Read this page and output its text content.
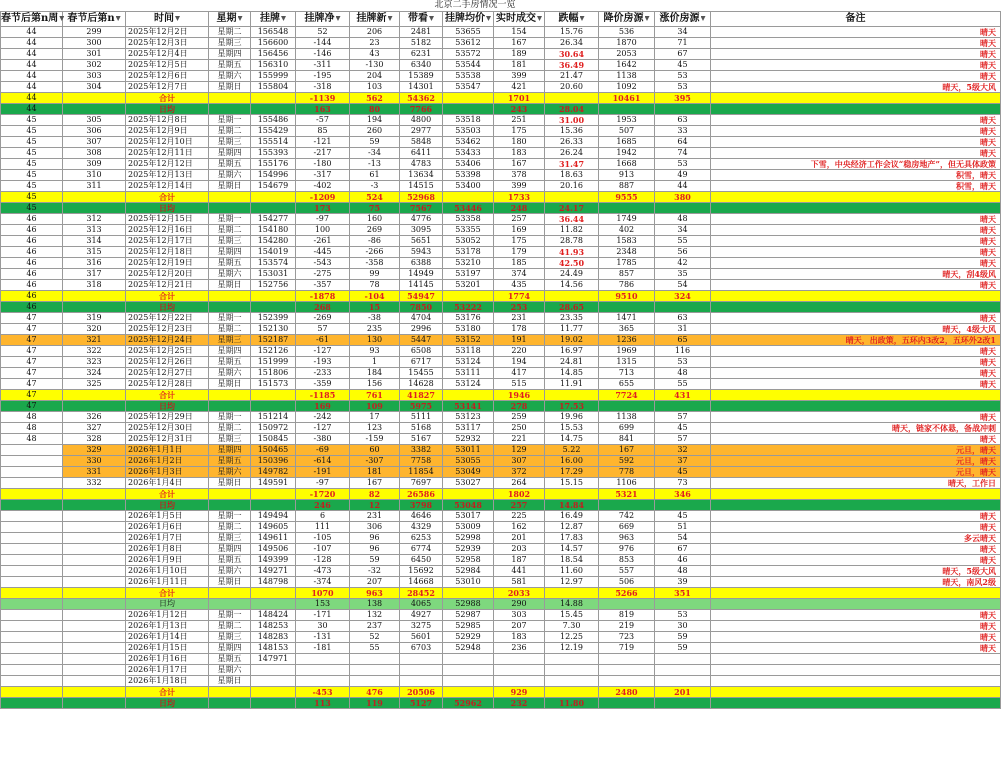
北京二手房情况一览
春节后第n周	春节后第n	时间	星期	挂牌	挂牌净	挂牌新	带看	挂牌均价	实时成交	跌幅	降价房源	涨价房源	备注
44	299	2025年12月2日	星期二	156548	52	206	2481	53655	154	15.76	536	34	晴天
44	300	2025年12月3日	星期三	156600	-144	23	5182	53612	167	26.34	1870	71	晴天
44	301	2025年12月4日	星期四	156456	-146	43	6231	53572	189	30.64	2053	67	晴天
44	302	2025年12月5日	星期五	156310	-311	-130	6340	53544	181	36.49	1642	45	晴天
44	303	2025年12月6日	星期六	155999	-195	204	15389	53538	399	21.47	1138	53	晴天
44	304	2025年12月7日	星期日	155804	-318	103	14301	53547	421	20.60	1092	53	晴天，5级大风
44		合计			-1139	562	54362		1701		10461	395	
44		日均			163	80	7766		243	28.04			
45	305	2025年12月8日	星期一	155486	-57	194	4800	53518	251	31.00	1953	63	晴天
45	306	2025年12月9日	星期二	155429	85	260	2977	53503	175	15.36	507	33	晴天
45	307	2025年12月10日	星期三	155514	-121	59	5848	53462	180	26.33	1685	64	晴天
45	308	2025年12月11日	星期四	155393	-217	-34	6411	53433	183	26.24	1942	74	晴天
45	309	2025年12月12日	星期五	155176	-180	-13	4783	53406	167	31.47	1668	53	下雪，中央经济工作会议“稳房地产”，但无具体政策
45	310	2025年12月13日	星期六	154996	-317	61	13634	53398	378	18.63	913	49	积雪，晴天
45	311	2025年12月14日	星期日	154679	-402	-3	14515	53400	399	20.16	887	44	积雪，晴天
45		合计			-1209	524	52968		1733		9555	380	
45		日均			173	75	7567	53446	248	24.17			
46	312	2025年12月15日	星期一	154277	-97	160	4776	53358	257	36.44	1749	48	晴天
46	313	2025年12月16日	星期二	154180	100	269	3095	53355	169	11.82	402	34	晴天
46	314	2025年12月17日	星期三	154280	-261	-86	5651	53052	175	28.78	1583	55	晴天
46	315	2025年12月18日	星期四	154019	-445	-266	5943	53178	179	41.93	2348	56	晴天
46	316	2025年12月19日	星期五	153574	-543	-358	6388	53210	185	42.50	1785	42	晴天
46	317	2025年12月20日	星期六	153031	-275	99	14949	53197	374	24.49	857	35	晴天，刮4级风
46	318	2025年12月21日	星期日	152756	-357	78	14145	53201	435	14.56	786	54	晴天
46		合计			-1878	-104	54947		1774		9510	324	
46		日均			268	15	7850	53222	253	28.65			
47	319	2025年12月22日	星期一	152399	-269	-38	4704	53176	231	23.35	1471	63	晴天
47	320	2025年12月23日	星期二	152130	57	235	2996	53180	178	11.77	365	31	晴天，4级大风
47	321	2025年12月24日	星期三	152187	-61	130	5447	53152	191	19.02	1236	65	晴天，出政策，五环内3改2，五环外2改1
47	322	2025年12月25日	星期四	152126	-127	93	6508	53118	220	16.97	1969	116	晴天
47	323	2025年12月26日	星期五	151999	-193	1	6717	53124	194	24.81	1315	53	晴天
47	324	2025年12月27日	星期六	151806	-233	184	15455	53111	417	14.85	713	48	晴天
47	325	2025年12月28日	星期日	151573	-359	156	14628	53124	515	11.91	655	55	晴天
47		合计			-1185	761	41827		1946		7724	431	
47		日均			169	109	5975	53141	278	17.53			
48	326	2025年12月29日	星期一	151214	-242	17	5111	53123	259	19.96	1138	57	晴天
48	327	2025年12月30日	星期二	150972	-127	123	5168	53117	250	15.53	699	45	晴天，链家不体悬，备战冲刺
48	328	2025年12月31日	星期三	150845	-380	-159	5167	52932	221	14.75	841	57	晴天
	329	2026年1月1日	星期四	150465	-69	60	3382	53011	129	5.22	167	32	元旦，晴天
	330	2026年1月2日	星期五	150396	-614	-307	7758	53055	307	16.00	592	37	元旦，晴天
	331	2026年1月3日	星期六	149782	-191	181	11854	53049	372	17.29	778	45	元旦，晴天
	332	2026年1月4日	星期日	149591	-97	167	7697	53027	264	15.15	1106	73	晴天，工作日
		合计			-1720	82	26586		1802		5321	346	
		日均			246	12	3798	53048	257	14.84			
		2026年1月5日	星期一	149494	6	231	4646	53017	225	16.49	742	45	晴天
		2026年1月6日	星期二	149605	111	306	4329	53009	162	12.87	669	51	晴天
		2026年1月7日	星期三	149611	-105	96	6253	52998	201	17.83	963	54	多云晴天
		2026年1月8日	星期四	149506	-107	96	6774	52939	203	14.57	976	67	晴天
		2026年1月9日	星期五	149399	-128	59	6450	52958	187	18.54	853	46	晴天
		2026年1月10日	星期六	149271	-473	-32	15692	52984	441	11.60	557	48	晴天，5级大风
		2026年1月11日	星期日	148798	-374	207	14668	53010	581	12.97	506	39	晴天，南风2级
		合计			1070	963	28452		2033		5266	351	
		日均			153	138	4065	52988	290	14.88			
		2026年1月12日	星期一	148424	-171	132	4927	52987	303	15.45	819	53	晴天
		2026年1月13日	星期二	148253	30	237	3275	52985	207	7.30	219	30	晴天
		2026年1月14日	星期三	148283	-131	52	5601	52929	183	12.25	723	59	晴天
		2026年1月15日	星期四	148153	-181	55	6703	52948	236	12.19	719	59	晴天
		2026年1月16日	星期五	147971									
		2026年1月17日	星期六										
		2026年1月18日	星期日										
		合计			-453	476	20506		929		2480	201	
		日均			113	119	5127	52962	232	11.80			
